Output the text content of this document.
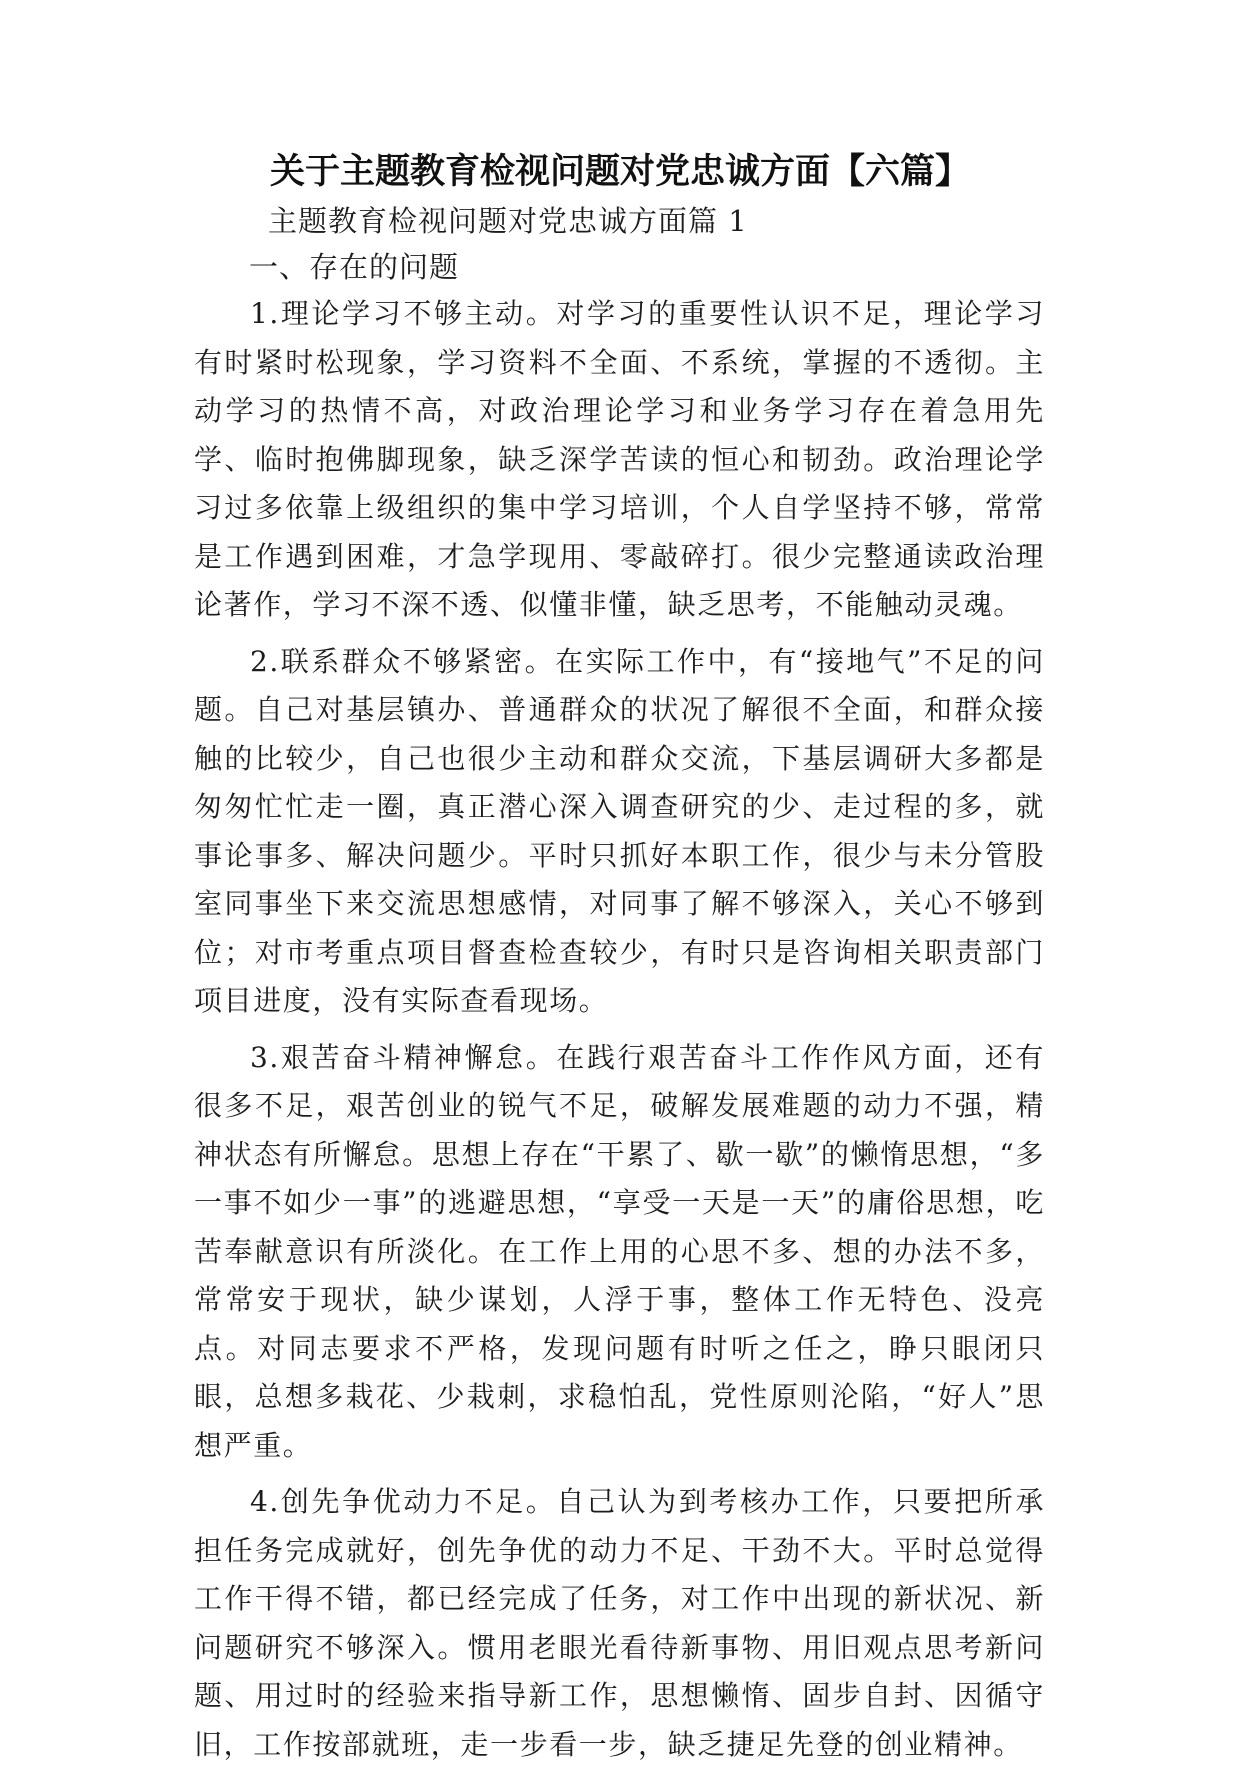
关于主题教育检视问题对党忠诚方面【六篇】
主题教育检视问题对党忠诚方面篇 1
一、存在的问题

1.理论学习不够主动。对学习的重要性认识不足，理论学习有时紧时松现象，学习资料不全面、不系统，掌握的不透彻。主动学习的热情不高，对政治理论学习和业务学习存在着急用先学、临时抱佛脚现象，缺乏深学苦读的恒心和韧劲。政治理论学习过多依靠上级组织的集中学习培训，个人自学坚持不够，常常是工作遇到困难，才急学现用、零敲碎打。很少完整通读政治理论著作，学习不深不透、似懂非懂，缺乏思考，不能触动灵魂。

2.联系群众不够紧密。在实际工作中，有“接地气”不足的问题。自己对基层镇办、普通群众的状况了解很不全面，和群众接触的比较少，自己也很少主动和群众交流，下基层调研大多都是匆匆忙忙走一圈，真正潜心深入调查研究的少、走过程的多，就事论事多、解决问题少。平时只抓好本职工作，很少与未分管股室同事坐下来交流思想感情，对同事了解不够深入，关心不够到位；对市考重点项目督查检查较少，有时只是咨询相关职责部门项目进度，没有实际查看现场。

3.艰苦奋斗精神懈怠。在践行艰苦奋斗工作作风方面，还有很多不足，艰苦创业的锐气不足，破解发展难题的动力不强，精神状态有所懈怠。思想上存在“干累了、歇一歇”的懒惰思想，“多一事不如少一事”的逃避思想，“享受一天是一天”的庸俗思想，吃苦奉献意识有所淡化。在工作上用的心思不多、想的办法不多，常常安于现状，缺少谋划，人浮于事，整体工作无特色、没亮点。对同志要求不严格，发现问题有时听之任之，睁只眼闭只眼，总想多栽花、少栽刺，求稳怕乱，党性原则沦陷，“好人”思想严重。

4.创先争优动力不足。自己认为到考核办工作，只要把所承担任务完成就好，创先争优的动力不足、干劲不大。平时总觉得工作干得不错，都已经完成了任务，对工作中出现的新状况、新问题研究不够深入。惯用老眼光看待新事物、用旧观点思考新问题、用过时的经验来指导新工作，思想懒惰、固步自封、因循守旧，工作按部就班，走一步看一步，缺乏捷足先登的创业精神。
